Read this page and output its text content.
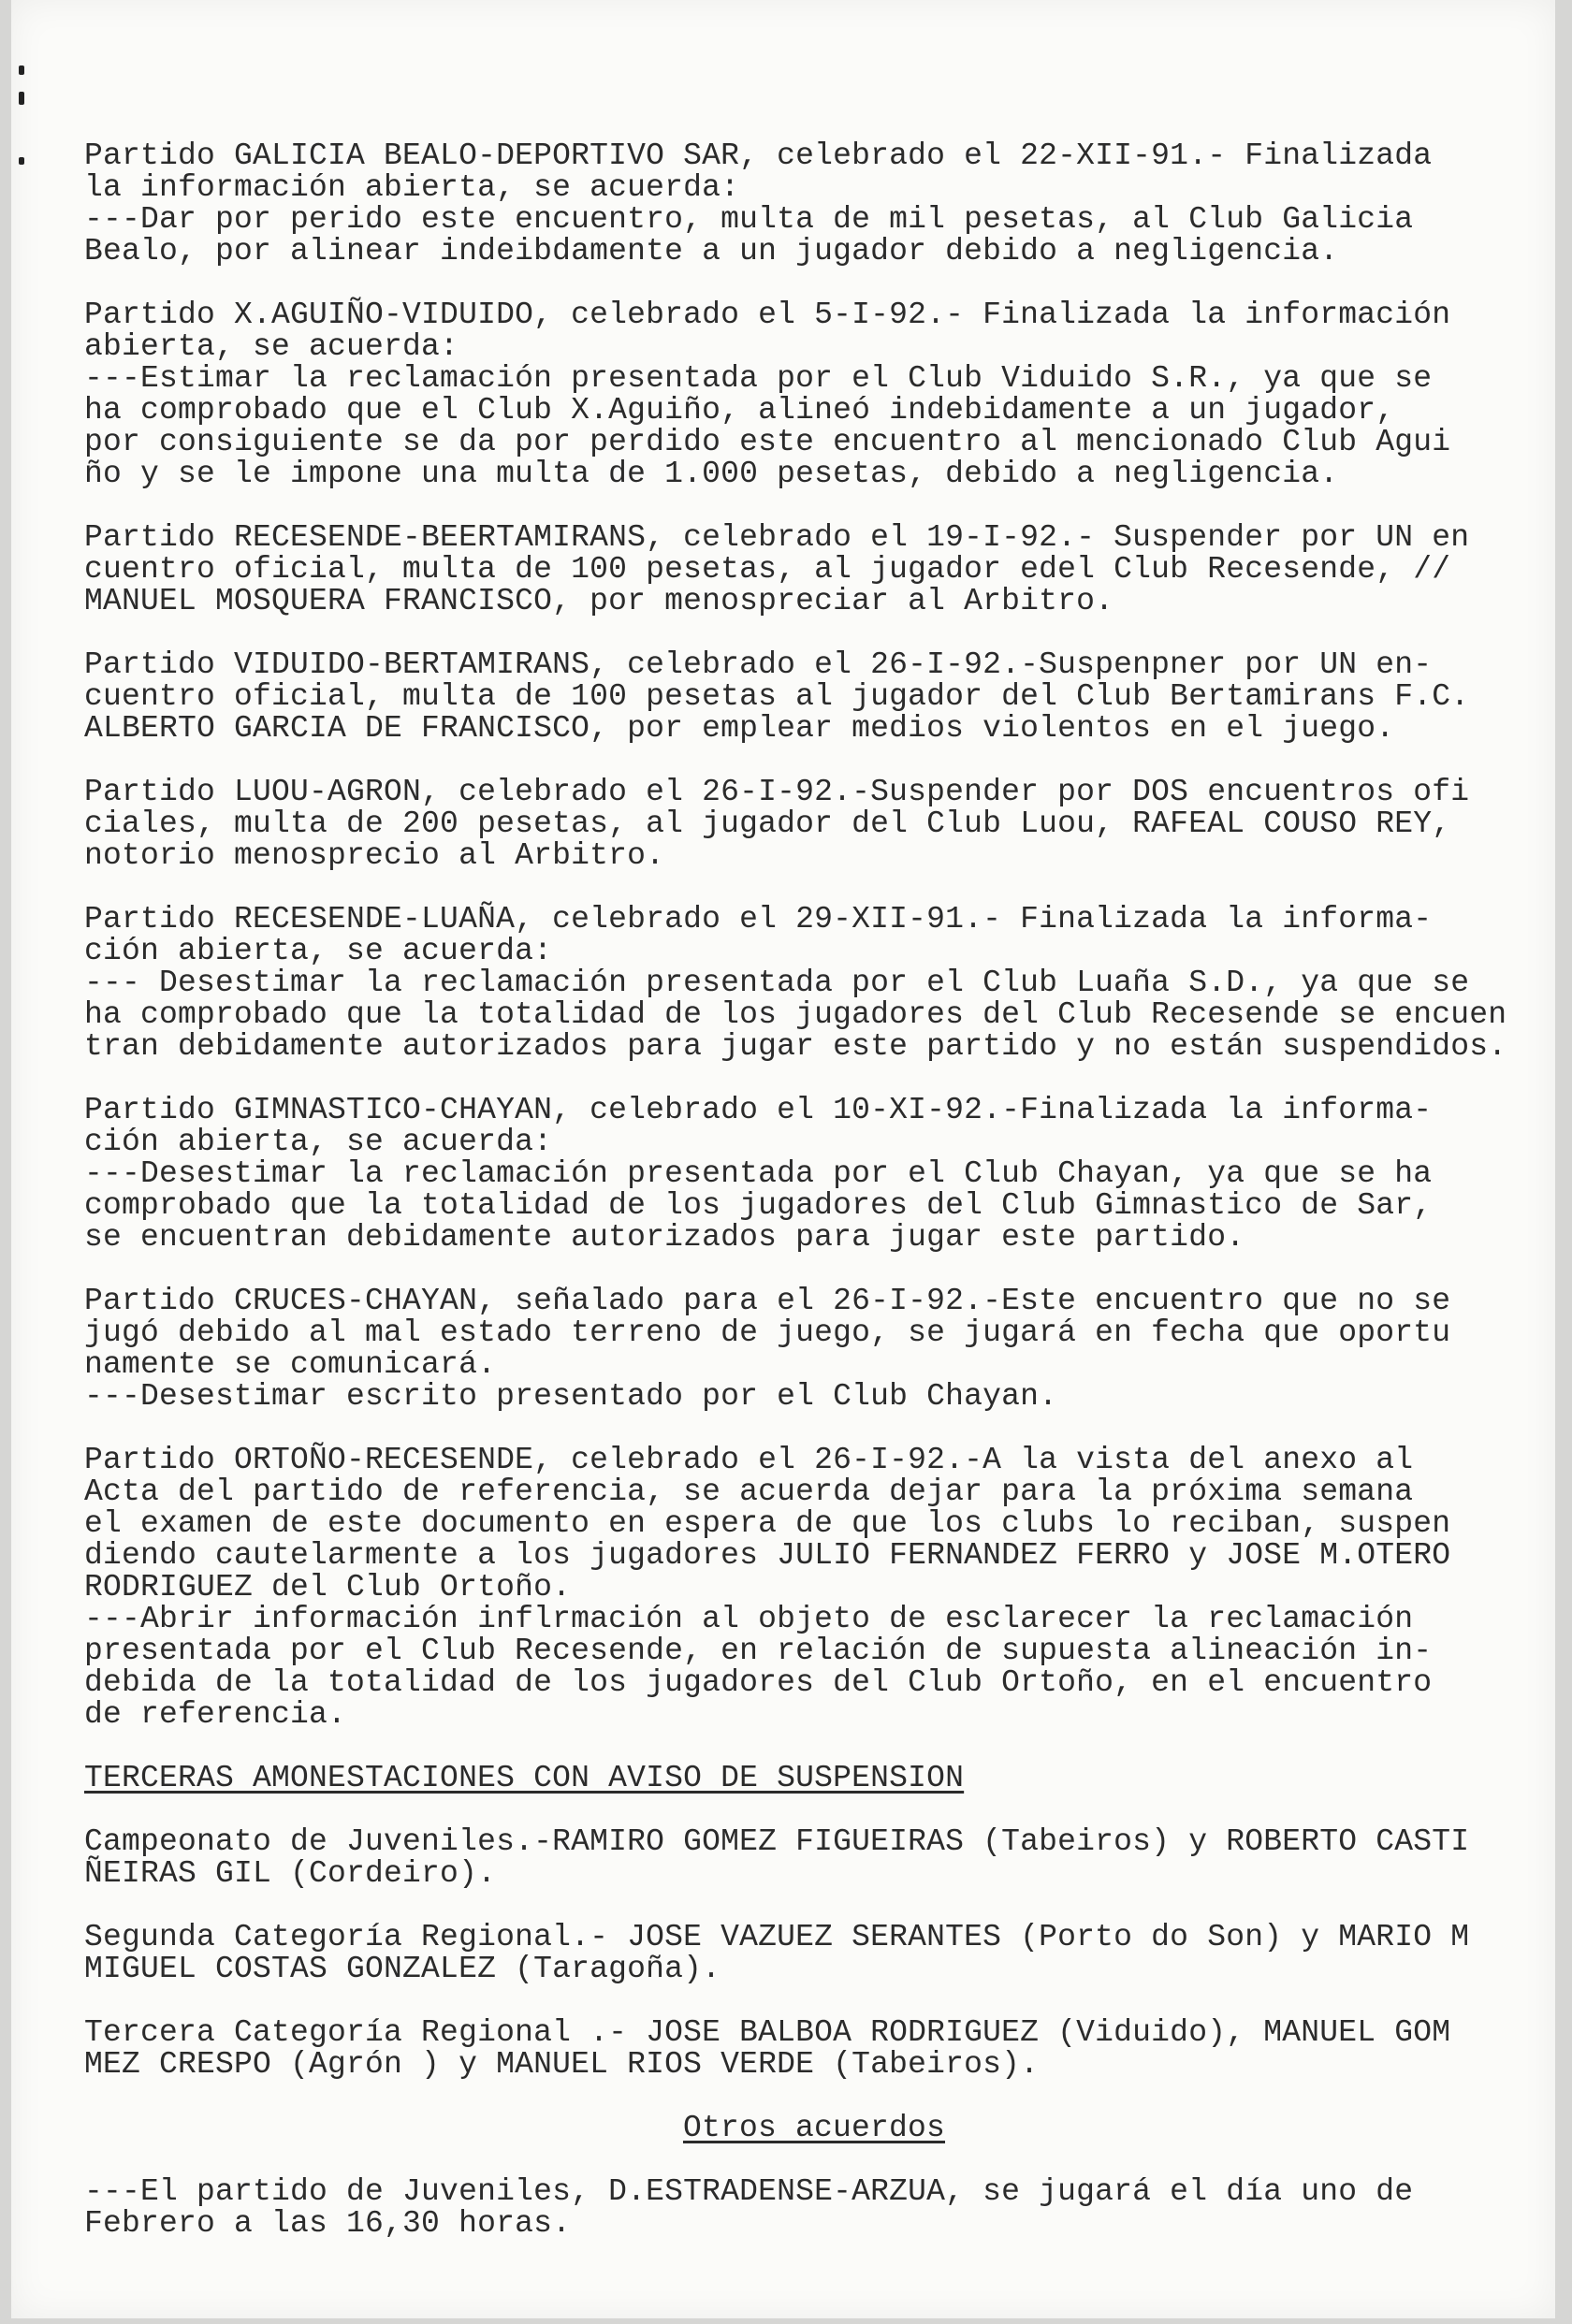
Partido GALICIA BEALO-DEPORTIVO SAR, celebrado el 22-XII-91.- Finalizada
la información abierta, se acuerda:
---Dar por perido este encuentro, multa de mil pesetas, al Club Galicia
Bealo, por alinear indeibdamente a un jugador debido a negligencia.
Partido X.AGUIÑO-VIDUIDO, celebrado el 5-I-92.- Finalizada la información
abierta, se acuerda:
---Estimar la reclamación presentada por el Club Viduido S.R., ya que se
ha comprobado que el Club X.Aguiño, alineó indebidamente a un jugador,
por consiguiente se da por perdido este encuentro al mencionado Club Agui
ño y se le impone una multa de 1.000 pesetas, debido a negligencia.
Partido RECESENDE-BEERTAMIRANS, celebrado el 19-I-92.- Suspender por UN en
cuentro oficial, multa de 100 pesetas, al jugador edel Club Recesende, //
MANUEL MOSQUERA FRANCISCO, por menospreciar al Arbitro.
Partido VIDUIDO-BERTAMIRANS, celebrado el 26-I-92.-Suspenpner por UN en-
cuentro oficial, multa de 100 pesetas al jugador del Club Bertamirans F.C.
ALBERTO GARCIA DE FRANCISCO, por emplear medios violentos en el juego.
Partido LUOU-AGRON, celebrado el 26-I-92.-Suspender por DOS encuentros ofi
ciales, multa de 200 pesetas, al jugador del Club Luou, RAFEAL COUSO REY,
notorio menosprecio al Arbitro.
Partido RECESENDE-LUAÑA, celebrado el 29-XII-91.- Finalizada la informa-
ción abierta, se acuerda:
--- Desestimar la reclamación presentada por el Club Luaña S.D., ya que se
ha comprobado que la totalidad de los jugadores del Club Recesende se encuen
tran debidamente autorizados para jugar este partido y no están suspendidos.
Partido GIMNASTICO-CHAYAN, celebrado el 10-XI-92.-Finalizada la informa-
ción abierta, se acuerda:
---Desestimar la reclamación presentada por el Club Chayan, ya que se ha
comprobado que la totalidad de los jugadores del Club Gimnastico de Sar,
se encuentran debidamente autorizados para jugar este partido.
Partido CRUCES-CHAYAN, señalado para el 26-I-92.-Este encuentro que no se
jugó debido al mal estado terreno de juego, se jugará en fecha que oportu
namente se comunicará.
---Desestimar escrito presentado por el Club Chayan.
Partido ORTOÑO-RECESENDE, celebrado el 26-I-92.-A la vista del anexo al
Acta del partido de referencia, se acuerda dejar para la próxima semana
el examen de este documento en espera de que los clubs lo reciban, suspen
diendo cautelarmente a los jugadores JULIO FERNANDEZ FERRO y JOSE M.OTERO
RODRIGUEZ del Club Ortoño.
---Abrir información inflrmación al objeto de esclarecer la reclamación
presentada por el Club Recesende, en relación de supuesta alineación in-
debida de la totalidad de los jugadores del Club Ortoño, en el encuentro
de referencia.
TERCERAS AMONESTACIONES CON AVISO DE SUSPENSION
Campeonato de Juveniles.-RAMIRO GOMEZ FIGUEIRAS (Tabeiros) y ROBERTO CASTI
ÑEIRAS GIL (Cordeiro).
Segunda Categoría Regional.- JOSE VAZUEZ SERANTES (Porto do Son) y MARIO M
MIGUEL COSTAS GONZALEZ (Taragoña).
Tercera Categoría Regional .- JOSE BALBOA RODRIGUEZ (Viduido), MANUEL GOM
MEZ CRESPO (Agrón ) y MANUEL RIOS VERDE (Tabeiros).
Otros acuerdos
---El partido de Juveniles, D.ESTRADENSE-ARZUA, se jugará el día uno de
Febrero a las 16,30 horas.
